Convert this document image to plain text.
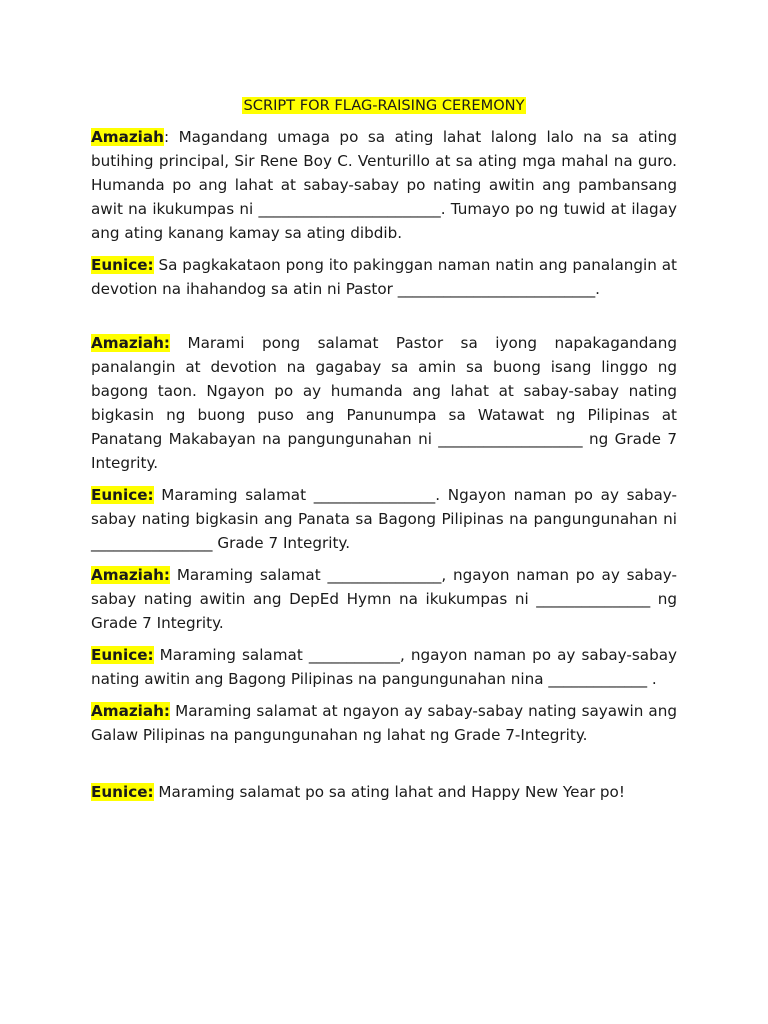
SCRIPT FOR FLAG-RAISING CEREMONY

Amaziah: Magandang umaga po sa ating lahat lalong lalo na sa ating butihing principal, Sir Rene Boy C. Venturillo at sa ating mga mahal na guro. Humanda po ang lahat at sabay-sabay po nating awitin ang pambansang awit na ikukumpas ni ________________________. Tumayo po ng tuwid at ilagay ang ating kanang kamay sa ating dibdib.

Eunice: Sa pagkakataon pong ito pakinggan naman natin ang panalangin at devotion na ihahandog sa atin ni Pastor __________________________.

Amaziah: Marami pong salamat Pastor sa iyong napakagandang panalangin at devotion na gagabay sa amin sa buong isang linggo ng bagong taon. Ngayon po ay humanda ang lahat at sabay-sabay nating bigkasin ng buong puso ang Panunumpa sa Watawat ng Pilipinas at Panatang Makabayan na pangungunahan ni ___________________ ng Grade 7 Integrity.

Eunice: Maraming salamat ________________. Ngayon naman po ay sabay-sabay nating bigkasin ang Panata sa Bagong Pilipinas na pangungunahan ni ________________ Grade 7 Integrity.

Amaziah: Maraming salamat _______________, ngayon naman po ay sabay-sabay nating awitin ang DepEd Hymn na ikukumpas ni _______________ ng Grade 7 Integrity.

Eunice: Maraming salamat ____________, ngayon naman po ay sabay-sabay nating awitin ang Bagong Pilipinas na pangungunahan nina _____________ .

Amaziah: Maraming salamat at ngayon ay sabay-sabay nating sayawin ang Galaw Pilipinas na pangungunahan ng lahat ng Grade 7-Integrity.

Eunice: Maraming salamat po sa ating lahat and Happy New Year po!
